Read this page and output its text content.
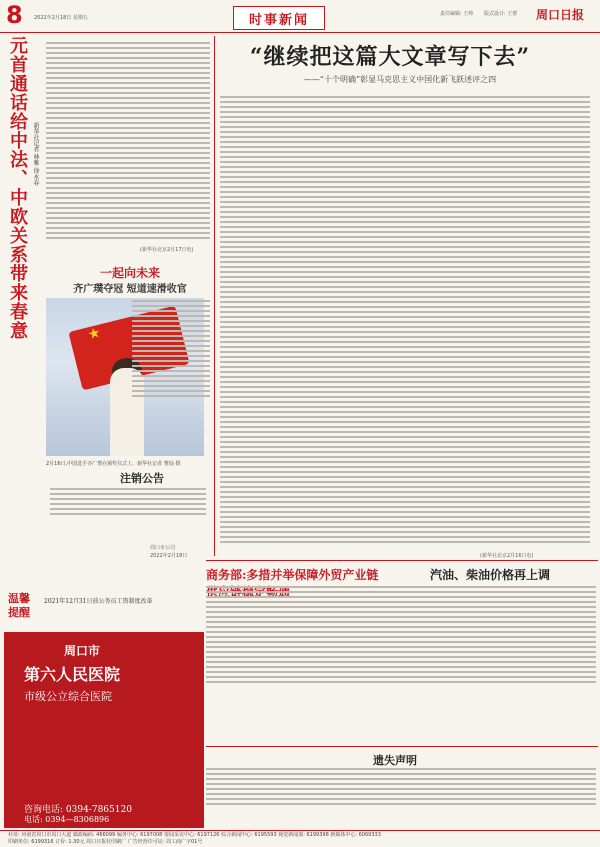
8	2022年2月18日 星期五	时事新闻	责任编辑: 王帅 版式设计: 王蕾 周口日报
元首通话给中法、中欧关系带来春意 新华社记者 林雅 徐永春
(新华社北京2月17日电)
一起向未来
齐广璞夺冠 短道速滑收官
★
2月16日,中国选手齐广璞在颁奖仪式上。新华社记者 曹灿 摄
注销公告
周口市公司
2022年2月18日
温馨提醒
2021年12月31日前公务员工资制度改革
周口市
第六人民医院
市级公立综合医院
咨询电话: 0394-7865120
电话: 0394—8306896
“继续把这篇大文章写下去”
——“十个明确”彰显马克思主义中国化新飞跃述评之四
(新华社北京2月16日电)
商务部:多措并举保障外贸产业链	汽油、柴油价格再上调
遗失声明
社址: 河南省周口市周口大道 邮政编码: 466099 编务中心: 6197008 要闻采访中心: 6197126 综合新闻中心: 6195593 视觉新闻部: 6199398 新媒体中心: 6069333
印刷单位: 6199316 订价: 1.30元 周口日报社印刷厂 广告经营许可证: 周工商广字01号
